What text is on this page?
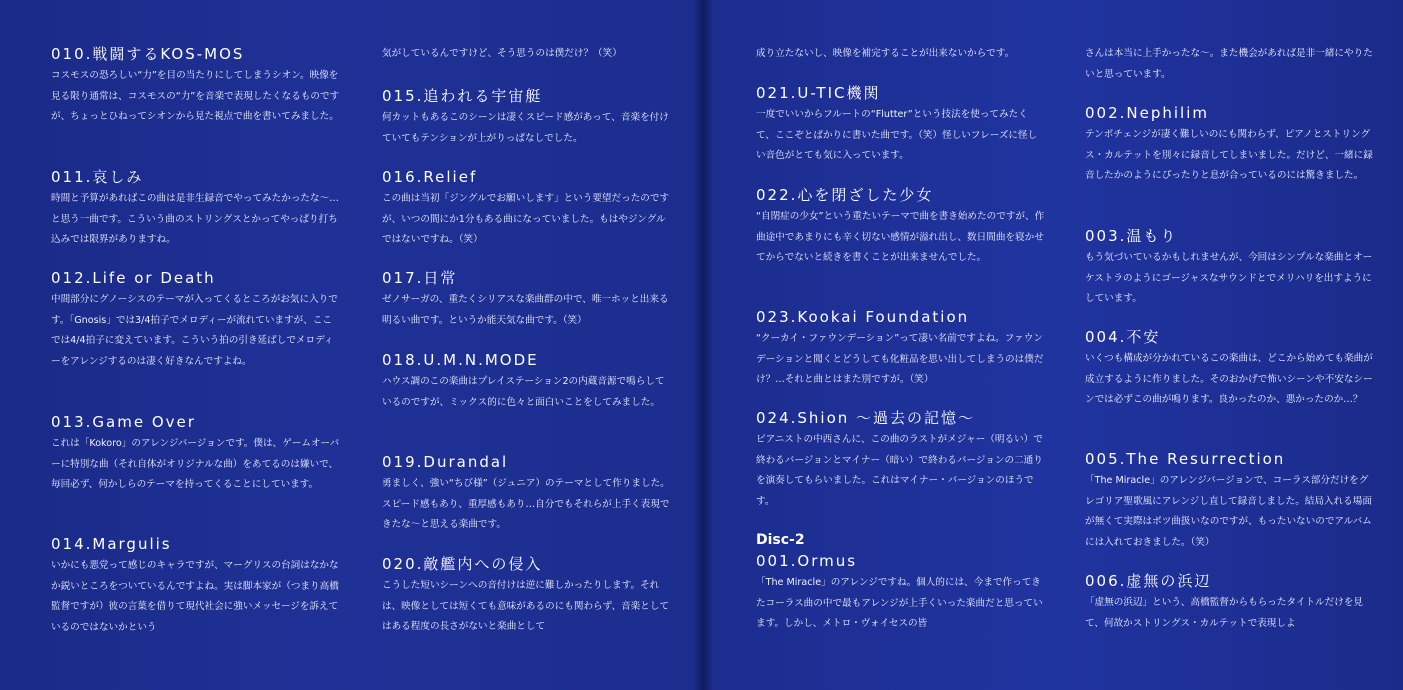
010.戦闘するKOS-MOS
コスモスの恐ろしい“力”を目の当たりにしてしまうシオン。映像を見る限り通常は、コスモスの“力”を音楽で表現したくなるものですが、ちょっとひねってシオンから見た視点で曲を書いてみました。
011.哀しみ
時間と予算があればこの曲は是非生録音でやってみたかったな〜…と思う一曲です。こういう曲のストリングスとかってやっぱり打ち込みでは限界がありますね。
012.Life or Death
中間部分にグノーシスのテーマが入ってくるところがお気に入りです。「Gnosis」では3/4拍子でメロディーが流れていますが、ここでは4/4拍子に変えています。こういう拍の引き延ばしでメロディーをアレンジするのは凄く好きなんですよね。
013.Game Over
これは「Kokoro」のアレンジバージョンです。僕は、ゲームオーバーに特別な曲（それ自体がオリジナルな曲）をあてるのは嫌いで、毎回必ず、何かしらのテーマを持ってくることにしています。
014.Margulis
いかにも悪党って感じのキャラですが、マーグリスの台詞はなかなか鋭いところをついているんですよね。実は脚本家が（つまり高橋監督ですが）彼の言葉を借りて現代社会に強いメッセージを訴えているのではないかという
気がしているんですけど、そう思うのは僕だけ？（笑）
015.追われる宇宙艇
何カットもあるこのシーンは凄くスピード感があって、音楽を付けていてもテンションが上がりっぱなしでした。
016.Relief
この曲は当初「ジングルでお願いします」という要望だったのですが、いつの間にか1分もある曲になっていました。もはやジングルではないですね。（笑）
017.日常
ゼノサーガの、重たくシリアスな楽曲群の中で、唯一ホッと出来る明るい曲です。というか能天気な曲です。（笑）
018.U.M.N.MODE
ハウス調のこの楽曲はプレイステーション2の内蔵音源で鳴らしているのですが、ミックス的に色々と面白いことをしてみました。
019.Durandal
勇ましく、強い“ちび様”（ジュニア）のテーマとして作りました。スピード感もあり、重厚感もあり…自分でもそれらが上手く表現できたな〜と思える楽曲です。
020.敵艦内への侵入
こうした短いシーンへの音付けは逆に難しかったりします。それは、映像としては短くても意味があるのにも関わらず、音楽としてはある程度の長さがないと楽曲として
成り立たないし、映像を補完することが出来ないからです。
021.U-TIC機関
一度でいいからフルートの“Flutter”という技法を使ってみたくて、ここぞとばかりに書いた曲です。（笑）怪しいフレーズに怪しい音色がとても気に入っています。
022.心を閉ざした少女
“自閉症の少女”という重たいテーマで曲を書き始めたのですが、作曲途中であまりにも辛く切ない感情が溢れ出し、数日間曲を寝かせてからでないと続きを書くことが出来ませんでした。
023.Kookai Foundation
“クーカイ・ファウンデーション”って凄い名前ですよね。ファウンデーションと聞くとどうしても化粧品を思い出してしまうのは僕だけ？…それと曲とはまた別ですが。（笑）
024.Shion 〜過去の記憶〜
ピアニストの中西さんに、この曲のラストがメジャー（明るい）で終わるバージョンとマイナー（暗い）で終わるバージョンの二通りを演奏してもらいました。これはマイナー・バージョンのほうです。
Disc-2
001.Ormus
「The Miracle」のアレンジですね。個人的には、今まで作ってきたコーラス曲の中で最もアレンジが上手くいった楽曲だと思っています。しかし、メトロ・ヴォイセスの皆
さんは本当に上手かったな〜。また機会があれば是非一緒にやりたいと思っています。
002.Nephilim
テンポチェンジが凄く難しいのにも関わらず、ピアノとストリングス・カルテットを別々に録音してしまいました。だけど、一緒に録音したかのようにぴったりと息が合っているのには驚きました。
003.温もり
もう気づいているかもしれませんが、今回はシンプルな楽曲とオーケストラのようにゴージャスなサウンドとでメリハリを出すようにしています。
004.不安
いくつも構成が分かれているこの楽曲は、どこから始めても楽曲が成立するように作りました。そのおかげで怖いシーンや不安なシーンでは必ずこの曲が鳴ります。良かったのか、悪かったのか…？
005.The Resurrection
「The Miracle」のアレンジバージョンで、コーラス部分だけをグレゴリア聖歌風にアレンジし直して録音しました。結局入れる場面が無くて実際はボツ曲扱いなのですが、もったいないのでアルバムには入れておきました。（笑）
006.虚無の浜辺
「虚無の浜辺」という、高橋監督からもらったタイトルだけを見て、何故かストリングス・カルテットで表現しよ
